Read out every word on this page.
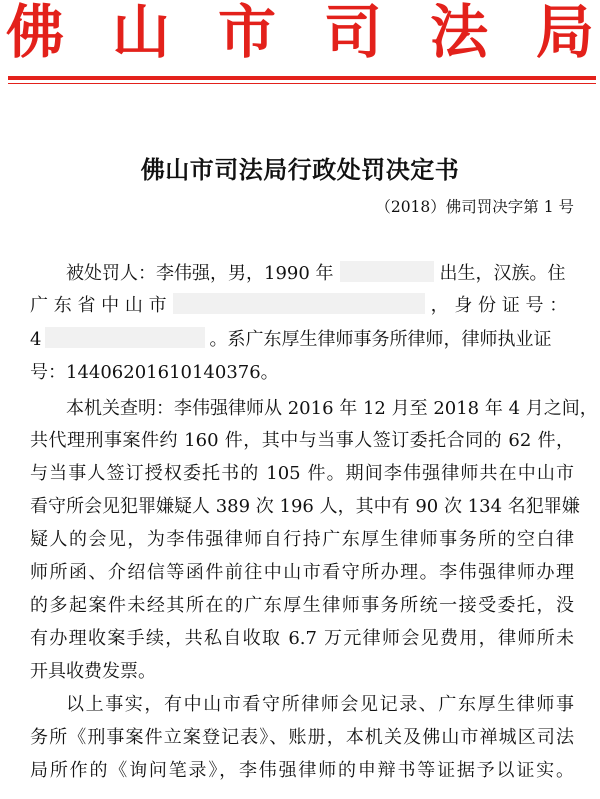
佛 山 市 司 法 局
佛山市司法局行政处罚决定书
（2018）佛司罚决字第 1 号
被处罚人：李伟强，男，1990 年	出生，汉族。住
广 东 省 中 山 市	， 身 份 证 号 ：
4	。系广东厚生律师事务所律师，律师执业证
号：14406201610140376。
本机关查明：李伟强律师从 2016 年 12 月至 2018 年 4 月之间，
共代理刑事案件约 160 件，其中与当事人签订委托合同的 62 件，
与当事人签订授权委托书的 105 件。期间李伟强律师共在中山市
看守所会见犯罪嫌疑人 389 次 196 人，其中有 90 次 134 名犯罪嫌
疑人的会见，为李伟强律师自行持广东厚生律师事务所的空白律
师所函、介绍信等函件前往中山市看守所办理。李伟强律师办理
的多起案件未经其所在的广东厚生律师事务所统一接受委托，没
有办理收案手续，共私自收取 6.7 万元律师会见费用，律师所未
开具收费发票。
以上事实，有中山市看守所律师会见记录、广东厚生律师事
务所《刑事案件立案登记表》、账册，本机关及佛山市禅城区司法
局所作的《询问笔录》，李伟强律师的申辩书等证据予以证实。
